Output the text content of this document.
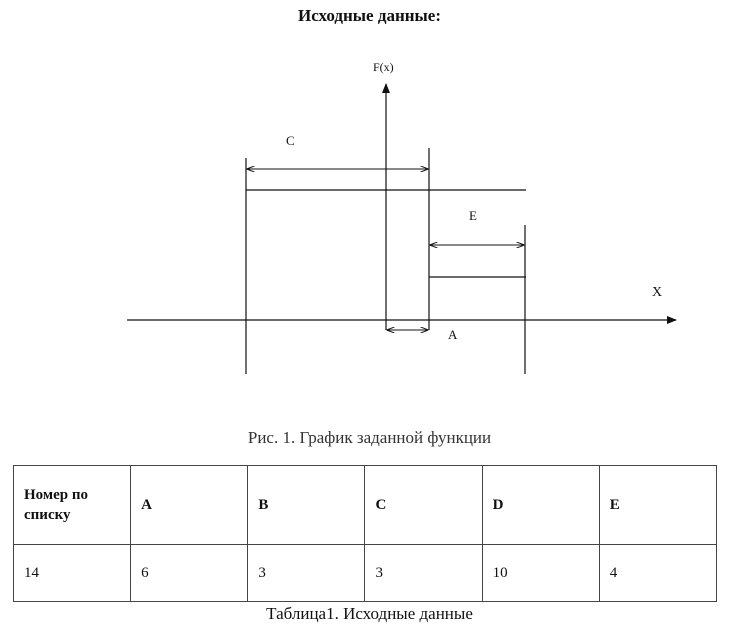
Исходные данные:
F(x)
X
C
E
A
Рис. 1. График заданной функции
Номер по списку	A	B	C	D	E
14	6	3	3	10	4
Таблица1. Исходные данные
